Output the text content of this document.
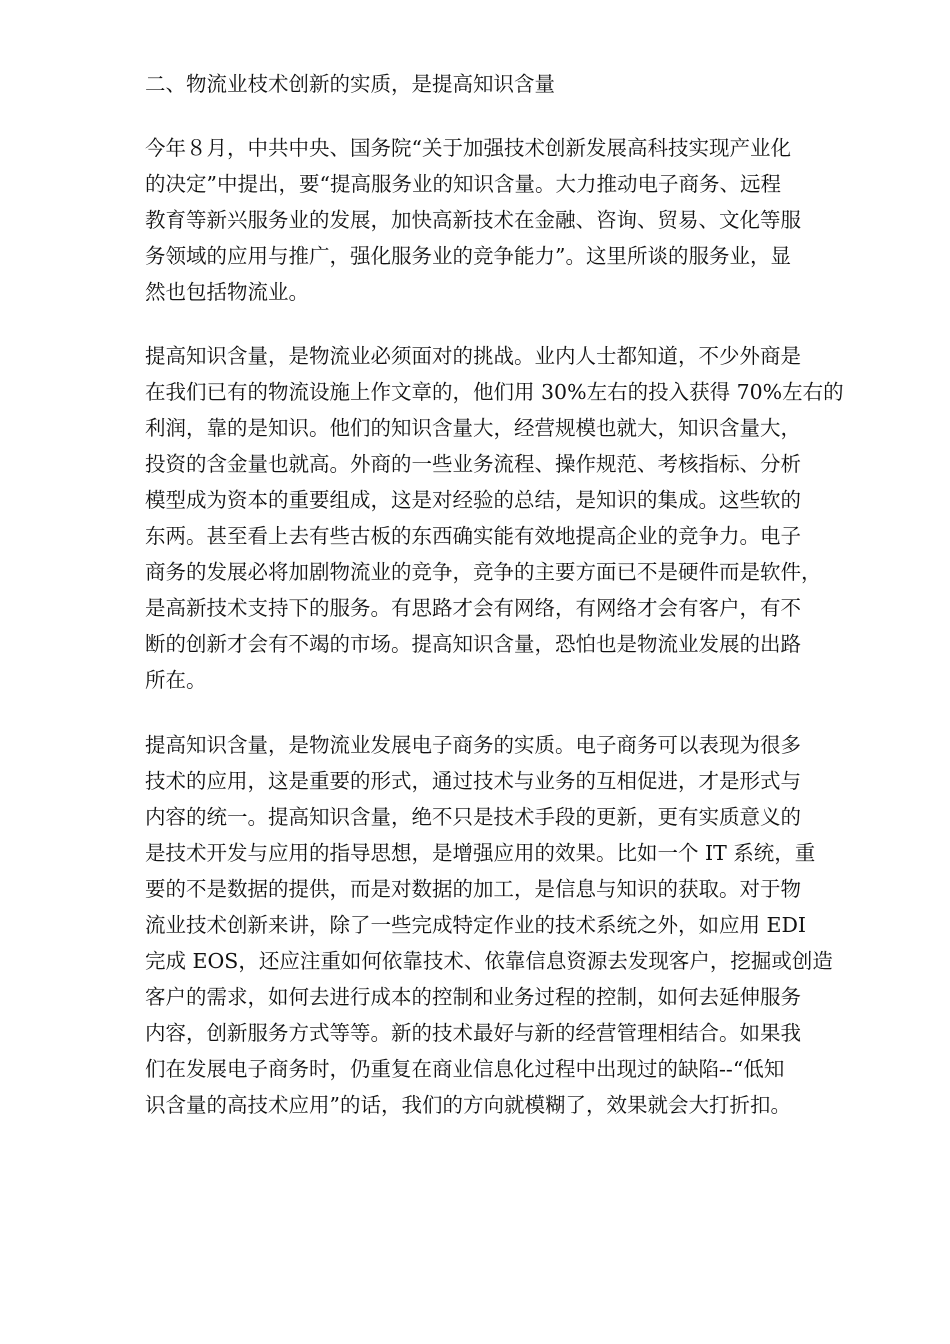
二、物流业枝术创新的实质，是提高知识含量
今年８月，中共中央、国务院“关于加强技术创新发展高科技实现产业化
的决定”中提出，要“提高服务业的知识含量。大力推动电子商务、远程
教育等新兴服务业的发展，加快高新技术在金融、咨询、贸易、文化等服
务领域的应用与推广，强化服务业的竞争能力”。这里所谈的服务业，显
然也包括物流业。
提高知识含量，是物流业必须面对的挑战。业内人士都知道，不少外商是
在我们已有的物流设施上作文章的，他们用 30%左右的投入获得 70%左右的
利润，靠的是知识。他们的知识含量大，经营规模也就大，知识含量大，
投资的含金量也就高。外商的一些业务流程、操作规范、考核指标、分析
模型成为资本的重要组成，这是对经验的总结，是知识的集成。这些软的
东两。甚至看上去有些古板的东西确实能有效地提高企业的竞争力。电子
商务的发展必将加剧物流业的竞争，竞争的主要方面已不是硬件而是软件，
是高新技术支持下的服务。有思路才会有网络，有网络才会有客户，有不
断的创新才会有不竭的市场。提高知识含量，恐怕也是物流业发展的出路
所在。
提高知识含量，是物流业发展电子商务的实质。电子商务可以表现为很多
技术的应用，这是重要的形式，通过技术与业务的互相促进，才是形式与
内容的统一。提高知识含量，绝不只是技术手段的更新，更有实质意义的
是技术开发与应用的指导思想，是增强应用的效果。比如一个 IT 系统，重
要的不是数据的提供，而是对数据的加工，是信息与知识的获取。对于物
流业技术创新来讲，除了一些完成特定作业的技术系统之外，如应用 EDI
完成 EOS，还应注重如何依靠技术、依靠信息资源去发现客户，挖掘或创造
客户的需求，如何去进行成本的控制和业务过程的控制，如何去延伸服务
内容，创新服务方式等等。新的技术最好与新的经营管理相结合。如果我
们在发展电子商务时，仍重复在商业信息化过程中出现过的缺陷--“低知
识含量的高技术应用”的话，我们的方向就模糊了，效果就会大打折扣。
